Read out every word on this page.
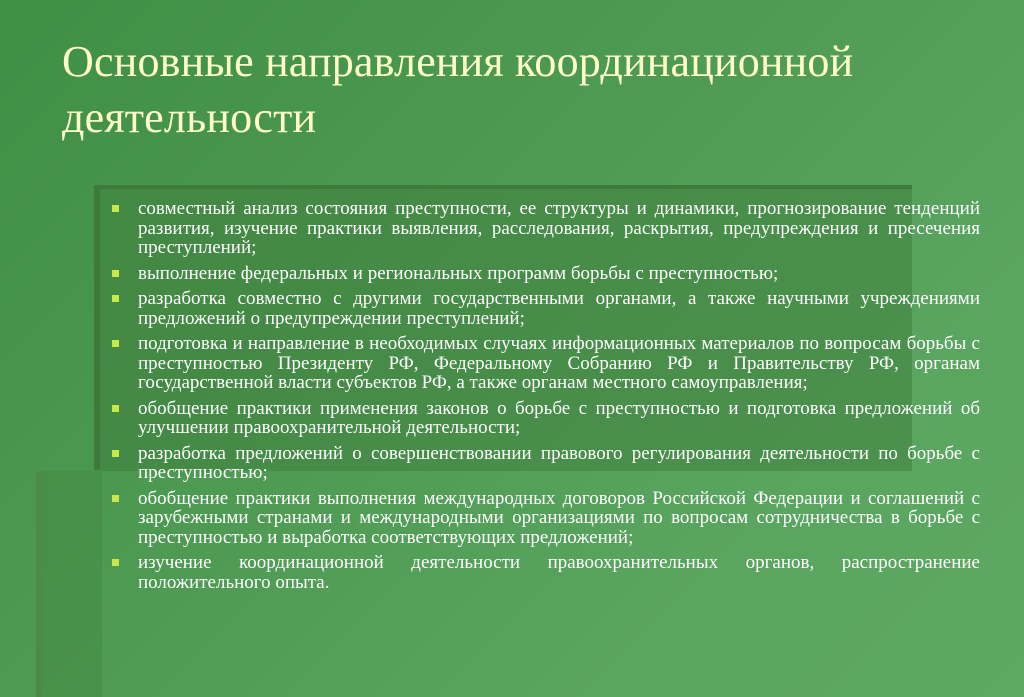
Основные направления координационной деятельности
совместный анализ состояния преступности, ее структуры и динамики, прогнозирование тенденций развития, изучение практики выявления, расследования, раскрытия, предупреждения и пресечения преступлений;
выполнение федеральных и региональных программ борьбы с преступностью;
разработка совместно с другими государственными органами, а также научными учреждениями предложений о предупреждении преступлений;
подготовка и направление в необходимых случаях информационных материалов по вопросам борьбы с преступностью Президенту РФ, Федеральному Собранию РФ и Правительству РФ, органам государственной власти субъектов РФ, а также органам местного самоуправления;
обобщение практики применения законов о борьбе с преступностью и подготовка предложений об улучшении правоохранительной деятельности;
разработка предложений о совершенствовании правового регулирования деятельности по борьбе с преступностью;
обобщение практики выполнения международных договоров Российской Федерации и соглашений с зарубежными странами и международными организациями по вопросам сотрудничества в борьбе с преступностью и выработка соответствующих предложений;
изучение координационной деятельности правоохранительных органов, распространение положительного опыта.
